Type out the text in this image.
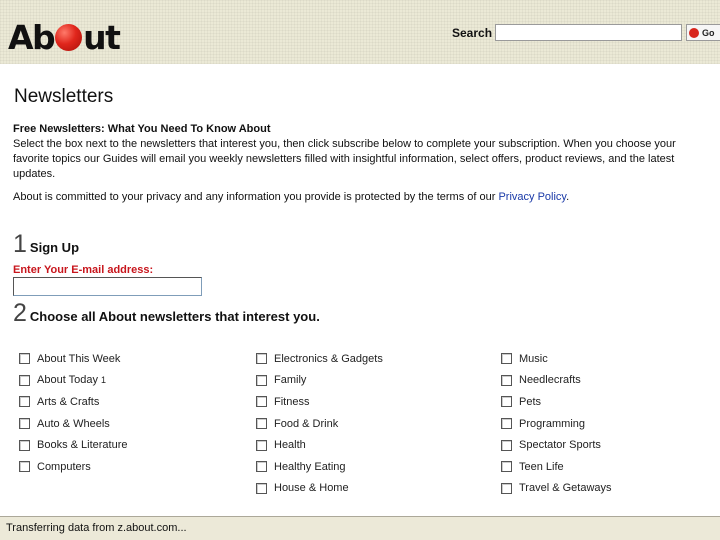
Ab ut	Search	Go
Newsletters
Free Newsletters: What You Need To Know About
Select the box next to the newsletters that interest you, then click subscribe below to complete your subscription. When you choose your favorite topics our Guides will email you weekly newsletters filled with insightful information, select offers, product reviews, and the latest updates.
About is committed to your privacy and any information you provide is protected by the terms of our Privacy Policy.
1 Sign Up
Enter Your E-mail address:
2 Choose all About newsletters that interest you.
About This Week
About Today 1
Arts & Crafts
Auto & Wheels
Books & Literature
Computers
Electronics & Gadgets
Family
Fitness
Food & Drink
Health
Healthy Eating
House & Home
Music
Needlecrafts
Pets
Programming
Spectator Sports
Teen Life
Travel & Getaways
Transferring data from z.about.com...
